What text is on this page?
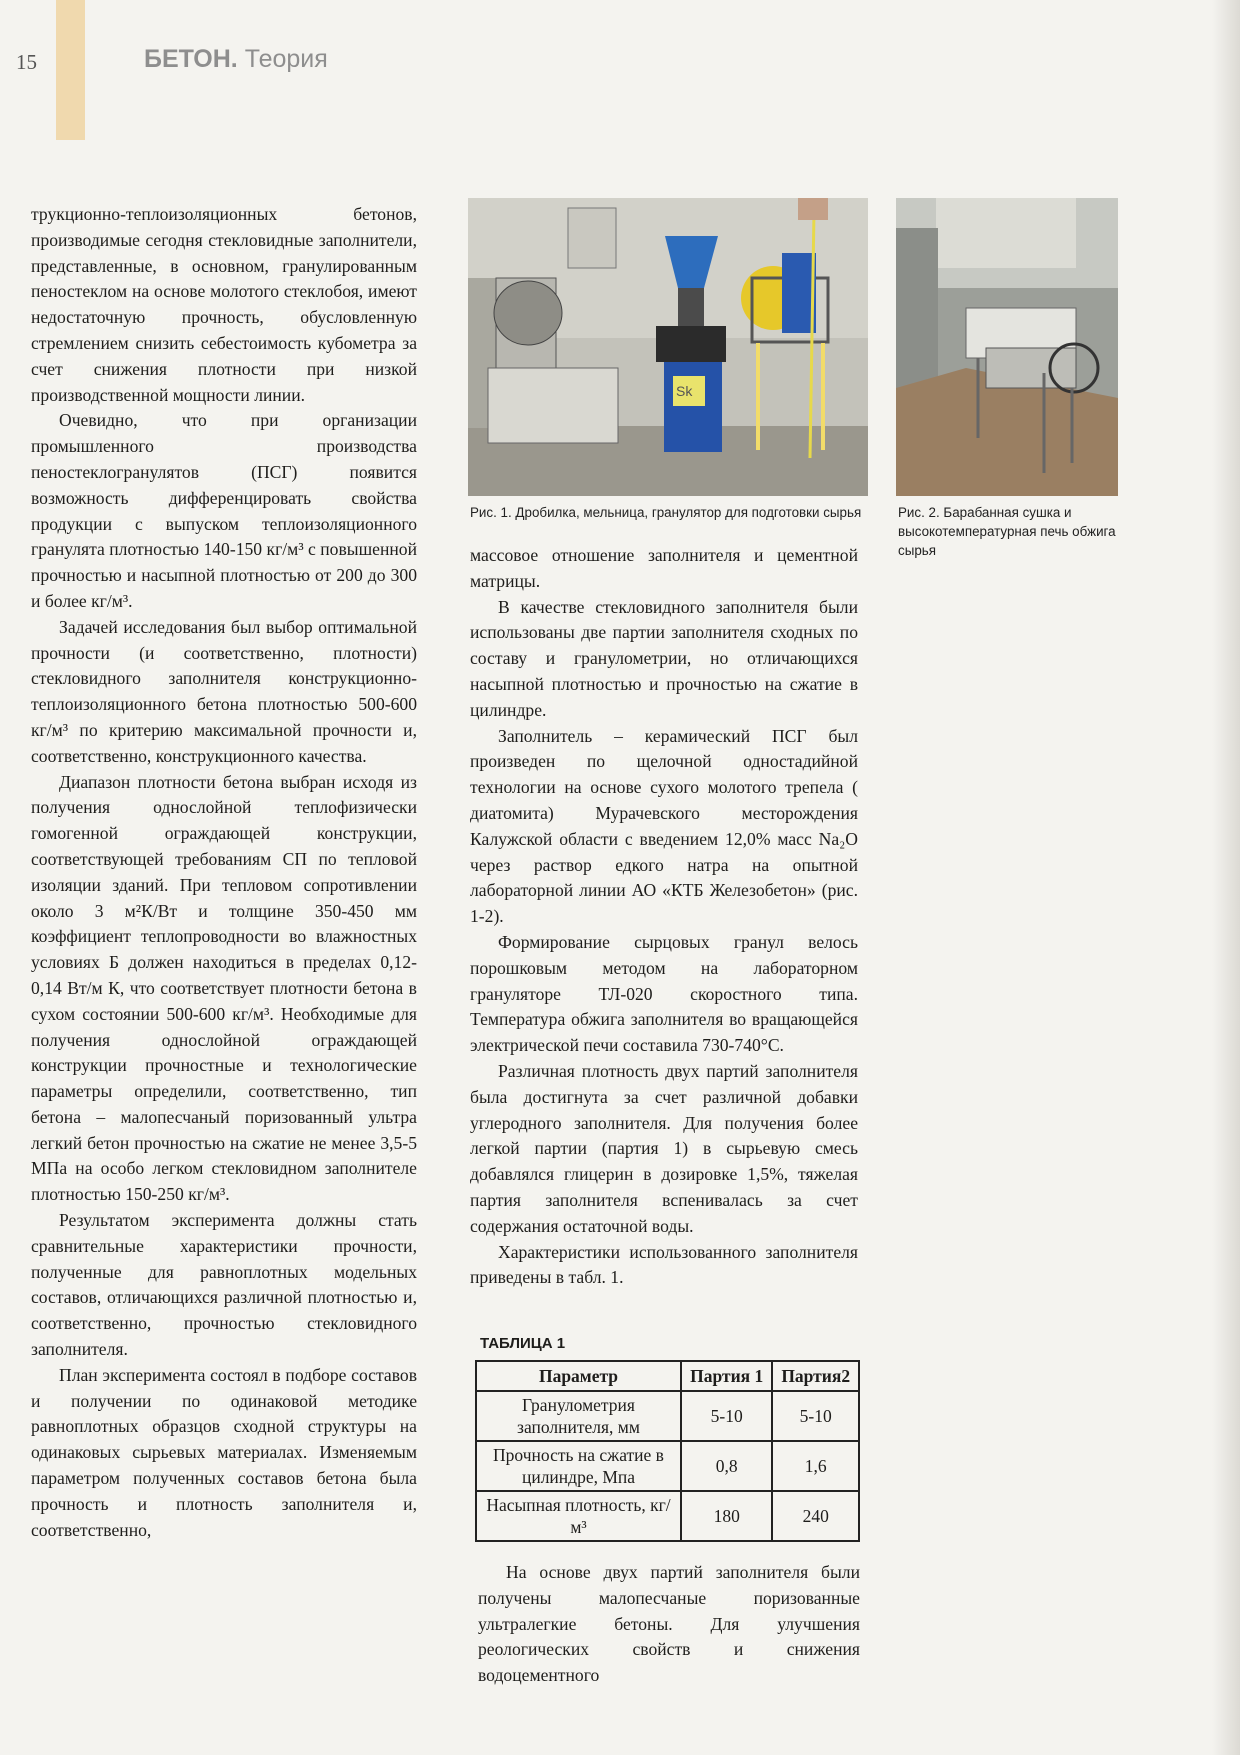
15	БЕТОН. Теория

трукционно-теплоизоляционных бетонов, производимые сегодня стекловидные заполнители, представленные, в основном, гранулированным пеностеклом на основе молотого стеклобоя, имеют недостаточную прочность, обусловленную стремлением снизить себестоимость кубометра за счет снижения плотности при низкой производственной мощности линии.

Очевидно, что при организации промышленного производства пеностеклогранулятов (ПСГ) появится возможность дифференцировать свойства продукции с выпуском теплоизоляционного гранулята плотностью 140-150 кг/м³ с повышенной прочностью и насыпной плотностью от 200 до 300 и более кг/м³.

Задачей исследования был выбор оптимальной прочности (и соответственно, плотности) стекловидного заполнителя конструкционно-теплоизоляционного бетона плотностью 500-600 кг/м³ по критерию максимальной прочности и, соответственно, конструкционного качества.

Диапазон плотности бетона выбран исходя из получения однослойной теплофизически гомогенной ограждающей конструкции, соответствующей требованиям СП по тепловой изоляции зданий. При тепловом сопротивлении около 3 м²К/Вт и толщине 350-450 мм коэффициент теплопроводности во влажностных условиях Б должен находиться в пределах 0,12-0,14 Вт/м К, что соответствует плотности бетона в сухом состоянии 500-600 кг/м³. Необходимые для получения однослойной ограждающей конструкции прочностные и технологические параметры определили, соответственно, тип бетона – малопесчаный поризованный ультра легкий бетон прочностью на сжатие не менее 3,5-5 МПа на особо легком стекловидном заполнителе плотностью 150-250 кг/м³.

Результатом эксперимента должны стать сравнительные характеристики прочности, полученные для равноплотных модельных составов, отличающихся различной плотностью и, соответственно, прочностью стекловидного заполнителя.

План эксперимента состоял в подборе составов и получении по одинаковой методике равноплотных образцов сходной структуры на одинаковых сырьевых материалах. Изменяемым параметром полученных составов бетона была прочность и плотность заполнителя и, соответственно,

Sk
Рис. 1. Дробилка, мельница, гранулятор для подготовки сырья	Рис. 2. Барабанная сушка и высокотемпературная печь обжига сырья

массовое отношение заполнителя и цементной матрицы.

В качестве стекловидного заполнителя были использованы две партии заполнителя сходных по составу и гранулометрии, но отличающихся насыпной плотностью и прочностью на сжатие в цилиндре.

Заполнитель – керамический ПСГ был произведен по щелочной одностадийной технологии на основе сухого молотого трепела ( диатомита) Мурачевского месторождения Калужской области с введением 12,0% масс Na₂O через раствор едкого натра на опытной лабораторной линии АО «КТБ Железобетон» (рис. 1-2).

Формирование сырцовых гранул велось порошковым методом на лабораторном грануляторе ТЛ-020 скоростного типа. Температура обжига заполнителя во вращающейся электрической печи составила 730-740°С.

Различная плотность двух партий заполнителя была достигнута за счет различной добавки углеродного заполнителя. Для получения более легкой партии (партия 1) в сырьевую смесь добавлялся глицерин в дозировке 1,5%, тяжелая партия заполнителя вспенивалась за счет содержания остаточной воды.

Характеристики использованного заполнителя приведены в табл. 1.

ТАБЛИЦА 1
Параметр	Партия 1	Партия2
Гранулометрия заполнителя, мм	5-10	5-10
Прочность на сжатие в цилиндре, Мпа	0,8	1,6
Насыпная плотность, кг/м³	180	240

На основе двух партий заполнителя были получены малопесчаные поризованные ультралегкие бетоны. Для улучшения реологических свойств и снижения водоцементного
